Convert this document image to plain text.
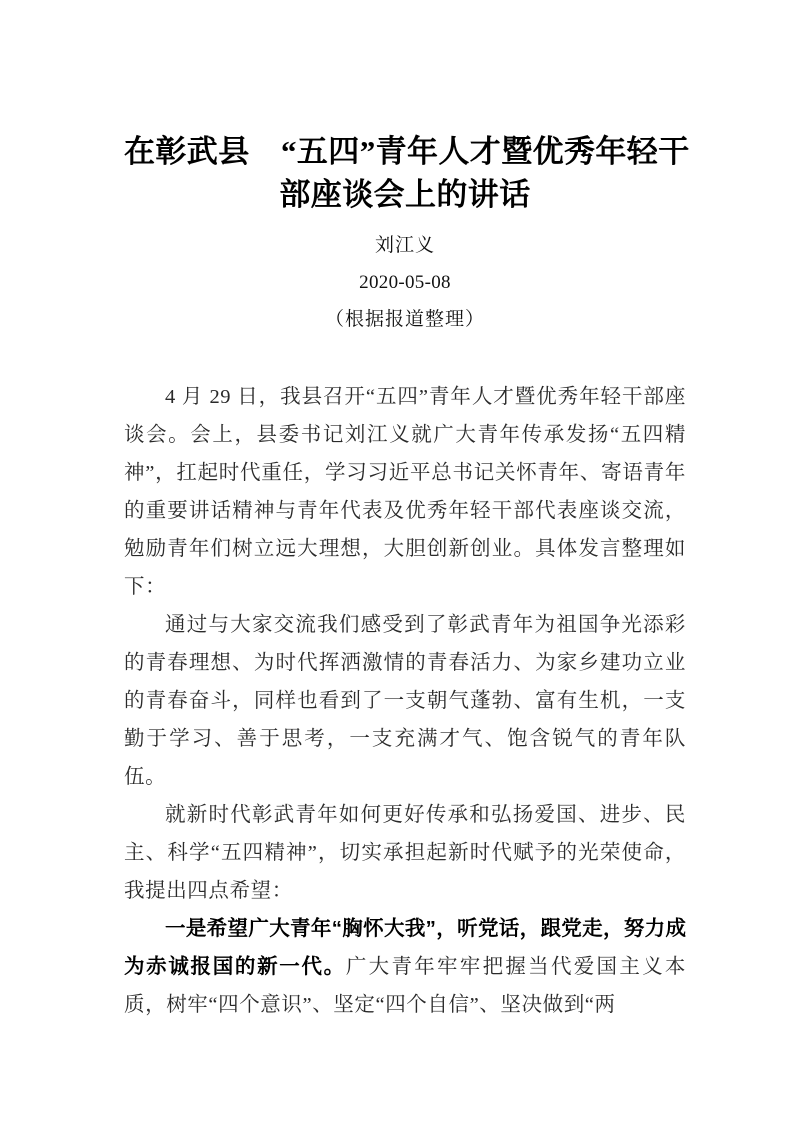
在彰武县　“五四”青年人才暨优秀年轻干
部座谈会上的讲话
刘江义
2020-05-08
（根据报道整理）

4 月 29 日，我县召开“五四”青年人才暨优秀年轻干部座谈会。会上，县委书记刘江义就广大青年传承发扬“五四精神”，扛起时代重任，学习习近平总书记关怀青年、寄语青年的重要讲话精神与青年代表及优秀年轻干部代表座谈交流，勉励青年们树立远大理想，大胆创新创业。具体发言整理如下：

通过与大家交流我们感受到了彰武青年为祖国争光添彩的青春理想、为时代挥洒激情的青春活力、为家乡建功立业的青春奋斗，同样也看到了一支朝气蓬勃、富有生机，一支勤于学习、善于思考，一支充满才气、饱含锐气的青年队伍。

就新时代彰武青年如何更好传承和弘扬爱国、进步、民主、科学“五四精神”，切实承担起新时代赋予的光荣使命，我提出四点希望：

一是希望广大青年“胸怀大我”，听党话，跟党走，努力成为赤诚报国的新一代。广大青年牢牢把握当代爱国主义本质，树牢“四个意识”、坚定“四个自信”、坚决做到“两
